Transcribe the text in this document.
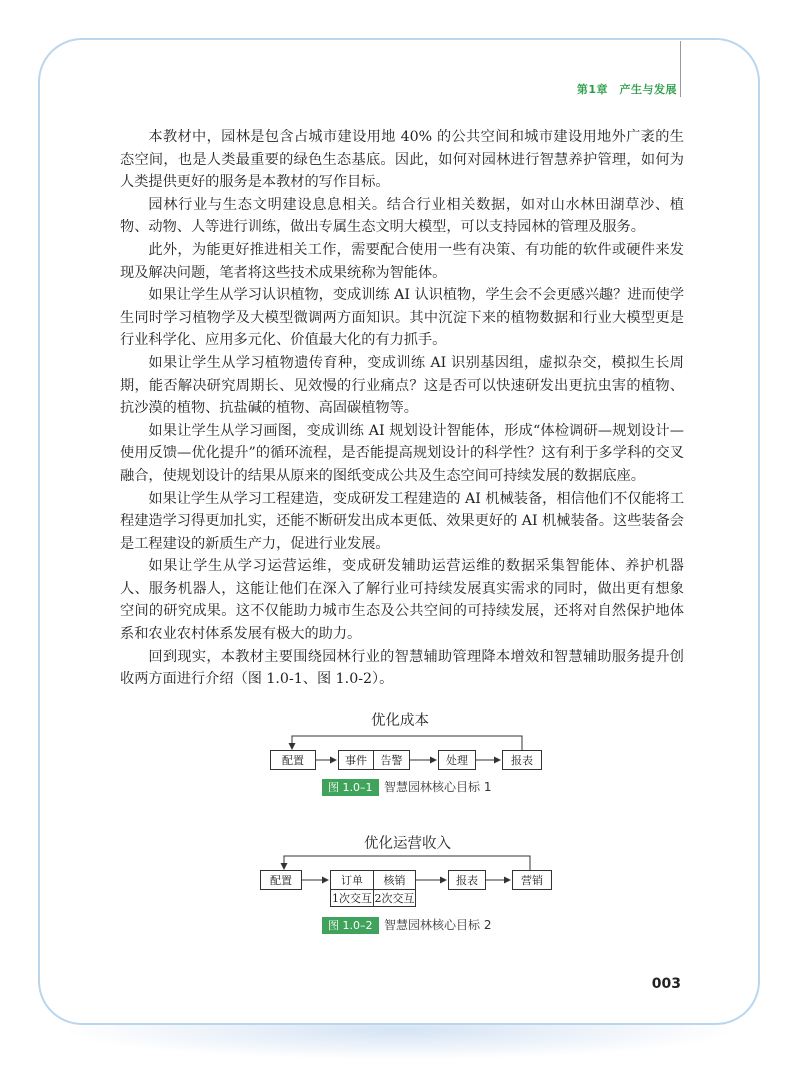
第1章　产生与发展

本教材中，园林是包含占城市建设用地 40% 的公共空间和城市建设用地外广袤的生态空间，也是人类最重要的绿色生态基底。因此，如何对园林进行智慧养护管理，如何为人类提供更好的服务是本教材的写作目标。

园林行业与生态文明建设息息相关。结合行业相关数据，如对山水林田湖草沙、植物、动物、人等进行训练，做出专属生态文明大模型，可以支持园林的管理及服务。

此外，为能更好推进相关工作，需要配合使用一些有决策、有功能的软件或硬件来发现及解决问题，笔者将这些技术成果统称为智能体。

如果让学生从学习认识植物，变成训练 AI 认识植物，学生会不会更感兴趣？进而使学生同时学习植物学及大模型微调两方面知识。其中沉淀下来的植物数据和行业大模型更是行业科学化、应用多元化、价值最大化的有力抓手。

如果让学生从学习植物遗传育种，变成训练 AI 识别基因组，虚拟杂交，模拟生长周期，能否解决研究周期长、见效慢的行业痛点？这是否可以快速研发出更抗虫害的植物、抗沙漠的植物、抗盐碱的植物、高固碳植物等。

如果让学生从学习画图，变成训练 AI 规划设计智能体，形成“体检调研—规划设计—使用反馈—优化提升”的循环流程，是否能提高规划设计的科学性？这有利于多学科的交叉融合，使规划设计的结果从原来的图纸变成公共及生态空间可持续发展的数据底座。

如果让学生从学习工程建造，变成研发工程建造的 AI 机械装备，相信他们不仅能将工程建造学习得更加扎实，还能不断研发出成本更低、效果更好的 AI 机械装备。这些装备会是工程建设的新质生产力，促进行业发展。

如果让学生从学习运营运维，变成研发辅助运营运维的数据采集智能体、养护机器人、服务机器人，这能让他们在深入了解行业可持续发展真实需求的同时，做出更有想象空间的研究成果。这不仅能助力城市生态及公共空间的可持续发展，还将对自然保护地体系和农业农村体系发展有极大的助力。

回到现实，本教材主要围绕园林行业的智慧辅助管理降本增效和智慧辅助服务提升创收两方面进行介绍（图 1.0-1、图 1.0-2）。

优化成本
配置	事件	告警	处理	报表
图 1.0–1 智慧园林核心目标 1
优化运营收入
配置	订单	核销
1次交互 2次交互
报表	营销
图 1.0–2 智慧园林核心目标 2
003
